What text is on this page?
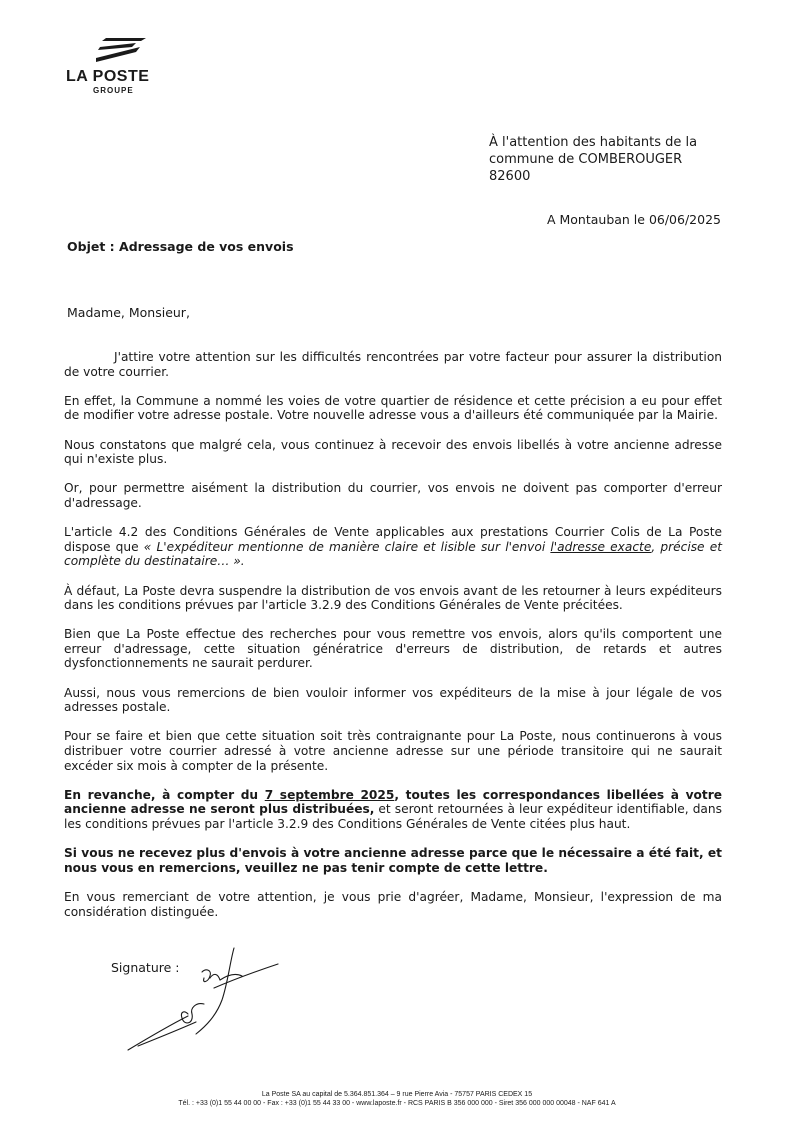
LA POSTE
GROUPE
À l'attention des habitants de la
commune de COMBEROUGER
82600
A Montauban le 06/06/2025
Objet : Adressage de vos envois
Madame, Monsieur,

J'attire votre attention sur les difficultés rencontrées par votre facteur pour assurer la distribution de votre courrier.

En effet, la Commune a nommé les voies de votre quartier de résidence et cette précision a eu pour effet de modifier votre adresse postale. Votre nouvelle adresse vous a d'ailleurs été communiquée par la Mairie.

Nous constatons que malgré cela, vous continuez à recevoir des envois libellés à votre ancienne adresse qui n'existe plus.

Or, pour permettre aisément la distribution du courrier, vos envois ne doivent pas comporter d'erreur d'adressage.

L'article 4.2 des Conditions Générales de Vente applicables aux prestations Courrier Colis de La Poste dispose que « L'expéditeur mentionne de manière claire et lisible sur l'envoi l'adresse exacte, précise et complète du destinataire… ».

À défaut, La Poste devra suspendre la distribution de vos envois avant de les retourner à leurs expéditeurs dans les conditions prévues par l'article 3.2.9 des Conditions Générales de Vente précitées.

Bien que La Poste effectue des recherches pour vous remettre vos envois, alors qu'ils comportent une erreur d'adressage, cette situation génératrice d'erreurs de distribution, de retards et autres dysfonctionnements ne saurait perdurer.

Aussi, nous vous remercions de bien vouloir informer vos expéditeurs de la mise à jour légale de vos adresses postale.

Pour se faire et bien que cette situation soit très contraignante pour La Poste, nous continuerons à vous distribuer votre courrier adressé à votre ancienne adresse sur une période transitoire qui ne saurait excéder six mois à compter de la présente.

En revanche, à compter du 7 septembre 2025, toutes les correspondances libellées à votre ancienne adresse ne seront plus distribuées, et seront retournées à leur expéditeur identifiable, dans les conditions prévues par l'article 3.2.9 des Conditions Générales de Vente citées plus haut.

Si vous ne recevez plus d'envois à votre ancienne adresse parce que le nécessaire a été fait, et nous vous en remercions, veuillez ne pas tenir compte de cette lettre.

En vous remerciant de votre attention, je vous prie d'agréer, Madame, Monsieur, l'expression de ma considération distinguée.

Signature :
La Poste SA au capital de 5.364.851.364 – 9 rue Pierre Avia - 75757 PARIS CEDEX 15
Tél. : +33 (0)1 55 44 00 00 - Fax : +33 (0)1 55 44 33 00 - www.laposte.fr - RCS PARIS B 356 000 000 - Siret 356 000 000 00048 - NAF 641 A
